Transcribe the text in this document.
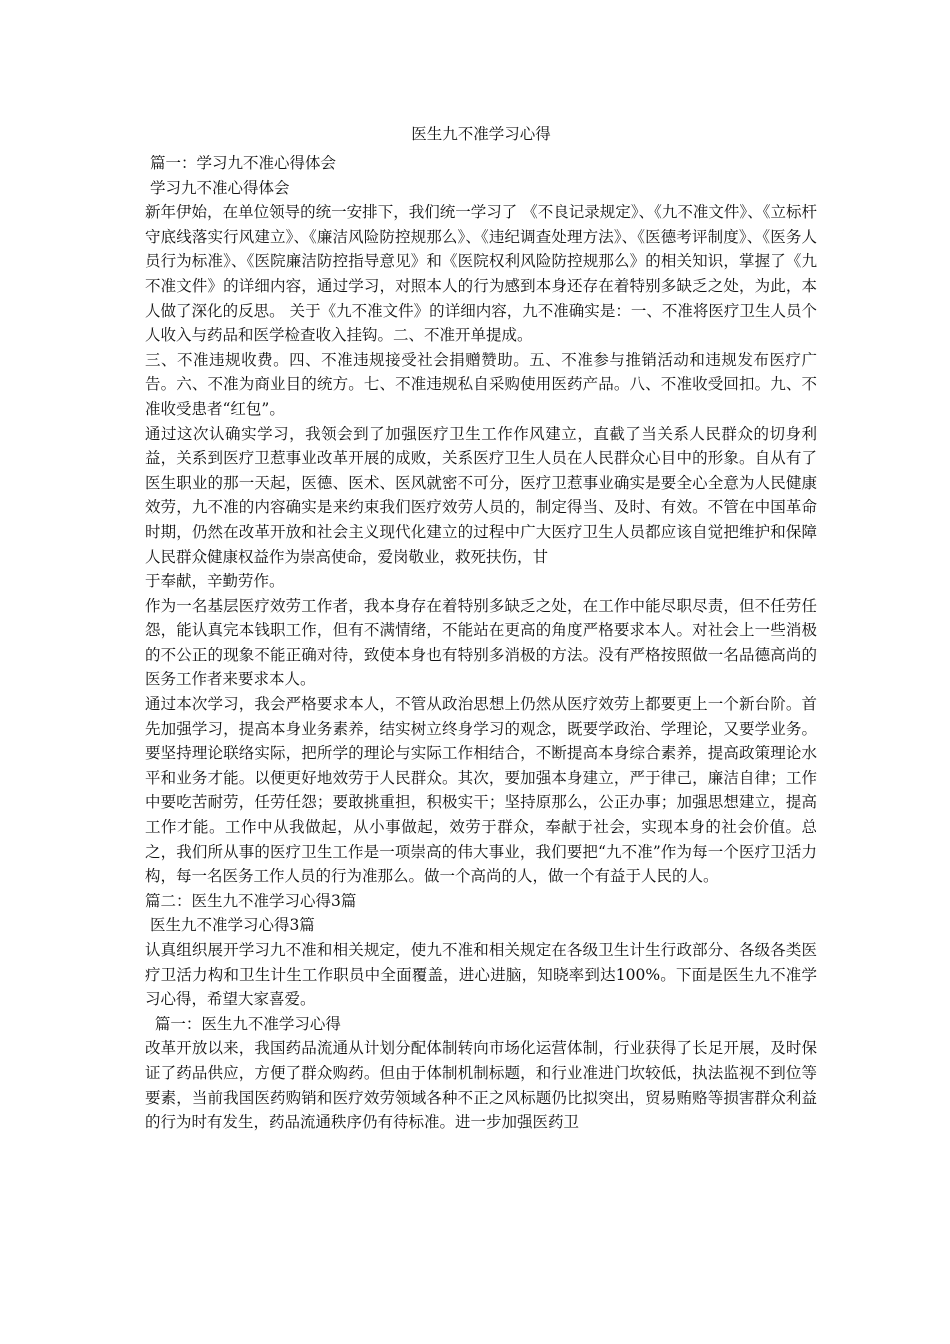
医生九不准学习心得
篇一：学习九不准心得体会
学习九不准心得体会
新年伊始，在单位领导的统一安排下，我们统一学习了 《不良记录规定》、《九不准文件》、《立标杆守底线落实行风建立》、《廉洁风险防控规那么》、《违纪调查处理方法》、《医德考评制度》、《医务人员行为标准》、《医院廉洁防控指导意见》和《医院权利风险防控规那么》的相关知识，掌握了《九不准文件》的详细内容，通过学习，对照本人的行为感到本身还存在着特别多缺乏之处，为此，本人做了深化的反思。 关于《九不准文件》的详细内容，九不准确实是：一、不准将医疗卫生人员个人收入与药品和医学检查收入挂钩。二、不准开单提成。
三、不准违规收费。四、不准违规接受社会捐赠赞助。五、不准参与推销活动和违规发布医疗广告。六、不准为商业目的统方。七、不准违规私自采购使用医药产品。八、不准收受回扣。九、不准收受患者“红包”。
通过这次认确实学习，我领会到了加强医疗卫生工作作风建立，直截了当关系人民群众的切身利益，关系到医疗卫惹事业改革开展的成败，关系医疗卫生人员在人民群众心目中的形象。自从有了医生职业的那一天起，医德、医术、医风就密不可分，医疗卫惹事业确实是要全心全意为人民健康效劳，九不准的内容确实是来约束我们医疗效劳人员的，制定得当、及时、有效。不管在中国革命时期，仍然在改革开放和社会主义现代化建立的过程中广大医疗卫生人员都应该自觉把维护和保障人民群众健康权益作为崇高使命，爱岗敬业，救死扶伤，甘
于奉献，辛勤劳作。
作为一名基层医疗效劳工作者，我本身存在着特别多缺乏之处，在工作中能尽职尽责，但不任劳任怨，能认真完本钱职工作，但有不满情绪，不能站在更高的角度严格要求本人。对社会上一些消极的不公正的现象不能正确对待，致使本身也有特别多消极的方法。没有严格按照做一名品德高尚的医务工作者来要求本人。
通过本次学习，我会严格要求本人，不管从政治思想上仍然从医疗效劳上都要更上一个新台阶。首先加强学习，提高本身业务素养，结实树立终身学习的观念，既要学政治、学理论，又要学业务。要坚持理论联络实际，把所学的理论与实际工作相结合，不断提高本身综合素养，提高政策理论水平和业务才能。以便更好地效劳于人民群众。其次，要加强本身建立，严于律己，廉洁自律；工作中要吃苦耐劳，任劳任怨；要敢挑重担，积极实干；坚持原那么，公正办事；加强思想建立，提高工作才能。工作中从我做起，从小事做起，效劳于群众，奉献于社会，实现本身的社会价值。总之，我们所从事的医疗卫生工作是一项崇高的伟大事业，我们要把“九不准”作为每一个医疗卫活力构，每一名医务工作人员的行为准那么。做一个高尚的人，做一个有益于人民的人。
篇二：医生九不准学习心得3篇
医生九不准学习心得3篇
认真组织展开学习九不准和相关规定，使九不准和相关规定在各级卫生计生行政部分、各级各类医疗卫活力构和卫生计生工作职员中全面覆盖，进心进脑，知晓率到达100%。下面是医生九不准学习心得，希望大家喜爱。
篇一：医生九不准学习心得
改革开放以来，我国药品流通从计划分配体制转向市场化运营体制，行业获得了长足开展，及时保证了药品供应，方便了群众购药。但由于体制机制标题，和行业准进门坎较低，执法监视不到位等要素，当前我国医药购销和医疗效劳领域各种不正之风标题仍比拟突出，贸易贿赂等损害群众利益的行为时有发生，药品流通秩序仍有待标准。进一步加强医药卫
